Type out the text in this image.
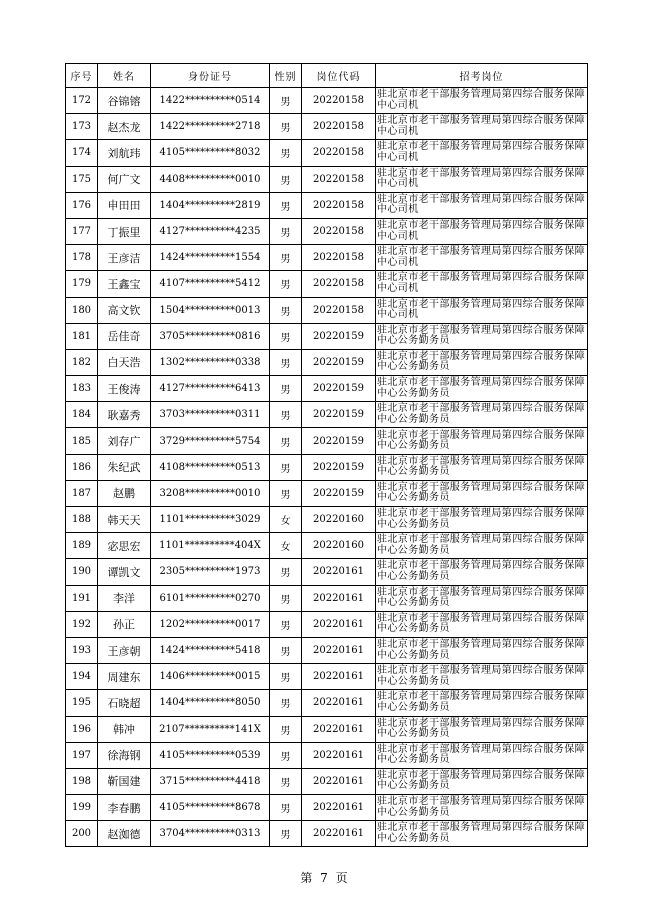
序号	姓名	身份证号	性别	岗位代码	招考岗位
172	谷锦镕	1422**********0514	男	20220158	驻北京市老干部服务管理局第四综合服务保障中心司机
173	赵杰龙	1422**********2718	男	20220158	驻北京市老干部服务管理局第四综合服务保障中心司机
174	刘航玮	4105**********8032	男	20220158	驻北京市老干部服务管理局第四综合服务保障中心司机
175	何广文	4408**********0010	男	20220158	驻北京市老干部服务管理局第四综合服务保障中心司机
176	申田田	1404**********2819	男	20220158	驻北京市老干部服务管理局第四综合服务保障中心司机
177	丁振里	4127**********4235	男	20220158	驻北京市老干部服务管理局第四综合服务保障中心司机
178	王彦洁	1424**********1554	男	20220158	驻北京市老干部服务管理局第四综合服务保障中心司机
179	王鑫宝	4107**********5412	男	20220158	驻北京市老干部服务管理局第四综合服务保障中心司机
180	高文钦	1504**********0013	男	20220158	驻北京市老干部服务管理局第四综合服务保障中心司机
181	岳佳奇	3705**********0816	男	20220159	驻北京市老干部服务管理局第四综合服务保障中心公务勤务员
182	白天浩	1302**********0338	男	20220159	驻北京市老干部服务管理局第四综合服务保障中心公务勤务员
183	王俊涛	4127**********6413	男	20220159	驻北京市老干部服务管理局第四综合服务保障中心公务勤务员
184	耿嘉秀	3703**********0311	男	20220159	驻北京市老干部服务管理局第四综合服务保障中心公务勤务员
185	刘存广	3729**********5754	男	20220159	驻北京市老干部服务管理局第四综合服务保障中心公务勤务员
186	朱纪武	4108**********0513	男	20220159	驻北京市老干部服务管理局第四综合服务保障中心公务勤务员
187	赵鹏	3208**********0010	男	20220159	驻北京市老干部服务管理局第四综合服务保障中心公务勤务员
188	韩天天	1101**********3029	女	20220160	驻北京市老干部服务管理局第四综合服务保障中心公务勤务员
189	宓思宏	1101**********404X	女	20220160	驻北京市老干部服务管理局第四综合服务保障中心公务勤务员
190	谭凯文	2305**********1973	男	20220161	驻北京市老干部服务管理局第四综合服务保障中心公务勤务员
191	李洋	6101**********0270	男	20220161	驻北京市老干部服务管理局第四综合服务保障中心公务勤务员
192	孙正	1202**********0017	男	20220161	驻北京市老干部服务管理局第四综合服务保障中心公务勤务员
193	王彦朝	1424**********5418	男	20220161	驻北京市老干部服务管理局第四综合服务保障中心公务勤务员
194	周建东	1406**********0015	男	20220161	驻北京市老干部服务管理局第四综合服务保障中心公务勤务员
195	石晓超	1404**********8050	男	20220161	驻北京市老干部服务管理局第四综合服务保障中心公务勤务员
196	韩冲	2107**********141X	男	20220161	驻北京市老干部服务管理局第四综合服务保障中心公务勤务员
197	徐海钢	4105**********0539	男	20220161	驻北京市老干部服务管理局第四综合服务保障中心公务勤务员
198	靳国建	3715**********4418	男	20220161	驻北京市老干部服务管理局第四综合服务保障中心公务勤务员
199	李春鹏	4105**********8678	男	20220161	驻北京市老干部服务管理局第四综合服务保障中心公务勤务员
200	赵洳德	3704**********0313	男	20220161	驻北京市老干部服务管理局第四综合服务保障中心公务勤务员
第 7 页
